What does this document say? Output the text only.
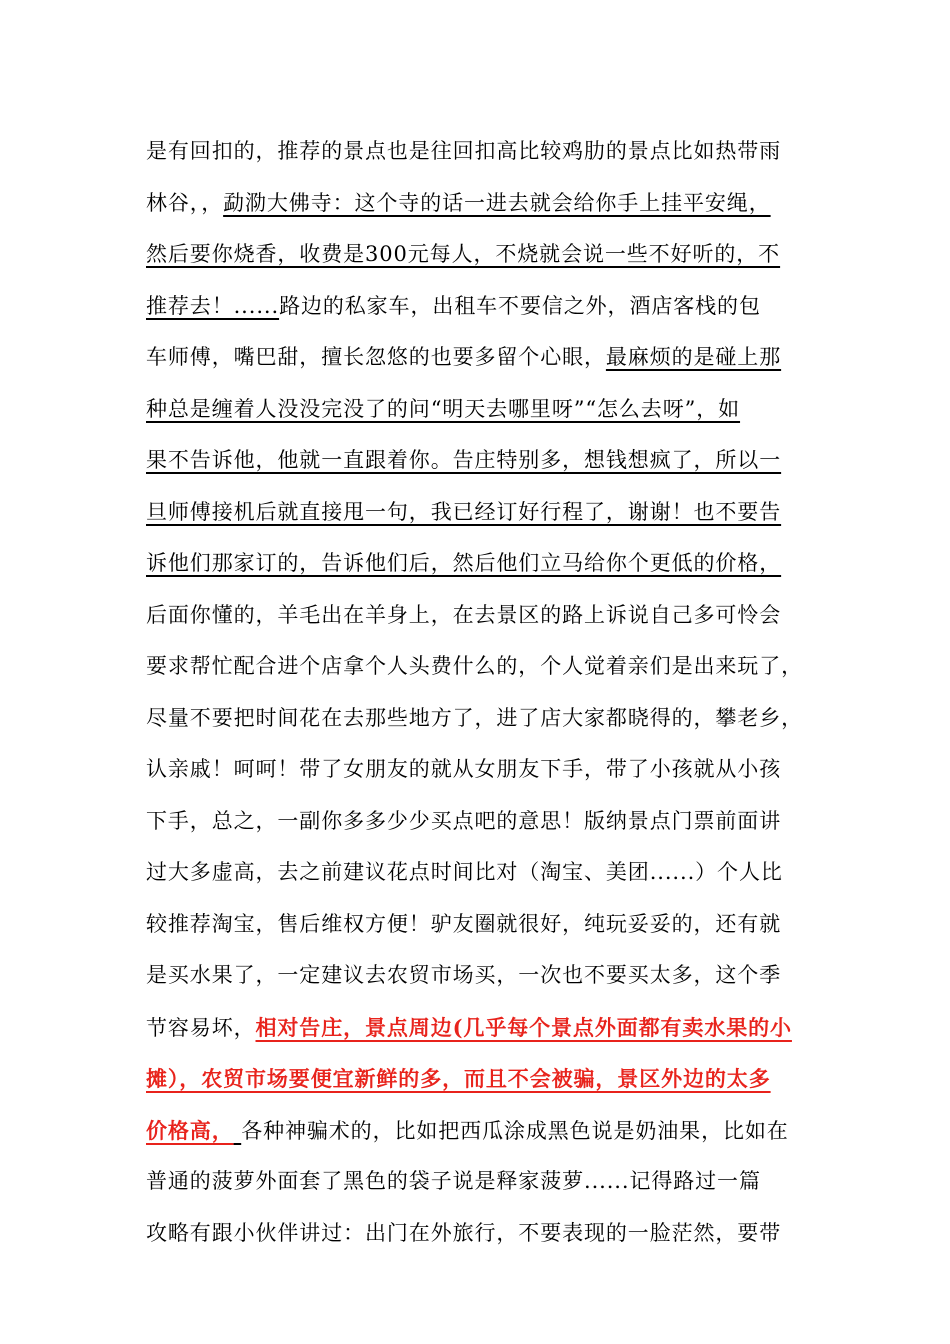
是有回扣的，推荐的景点也是往回扣高比较鸡肋的景点比如热带雨
林谷，，勐泐大佛寺：这个寺的话一进去就会给你手上挂平安绳，
然后要你烧香，收费是300元每人，不烧就会说一些不好听的，不
推荐去！......路边的私家车，出租车不要信之外，酒店客栈的包
车师傅，嘴巴甜，擅长忽悠的也要多留个心眼，最麻烦的是碰上那
种总是缠着人没没完没了的问“明天去哪里呀”“怎么去呀”，如
果不告诉他，他就一直跟着你。告庄特别多，想钱想疯了，所以一
旦师傅接机后就直接甩一句，我已经订好行程了，谢谢！也不要告
诉他们那家订的，告诉他们后，然后他们立马给你个更低的价格，
后面你懂的，羊毛出在羊身上，在去景区的路上诉说自己多可怜会
要求帮忙配合进个店拿个人头费什么的，个人觉着亲们是出来玩了，
尽量不要把时间花在去那些地方了，进了店大家都晓得的，攀老乡，
认亲戚！呵呵！带了女朋友的就从女朋友下手，带了小孩就从小孩
下手，总之，一副你多多少少买点吧的意思！版纳景点门票前面讲
过大多虚高，去之前建议花点时间比对（淘宝、美团......）个人比
较推荐淘宝，售后维权方便！驴友圈就很好，纯玩妥妥的，还有就
是买水果了，一定建议去农贸市场买，一次也不要买太多，这个季
节容易坏，相对告庄，景点周边(几乎每个景点外面都有卖水果的小
摊），农贸市场要便宜新鲜的多，而且不会被骗，景区外边的太多
价格高， 各种神骗术的，比如把西瓜涂成黑色说是奶油果，比如在
普通的菠萝外面套了黑色的袋子说是释家菠萝......记得路过一篇
攻略有跟小伙伴讲过：出门在外旅行，不要表现的一脸茫然，要带
